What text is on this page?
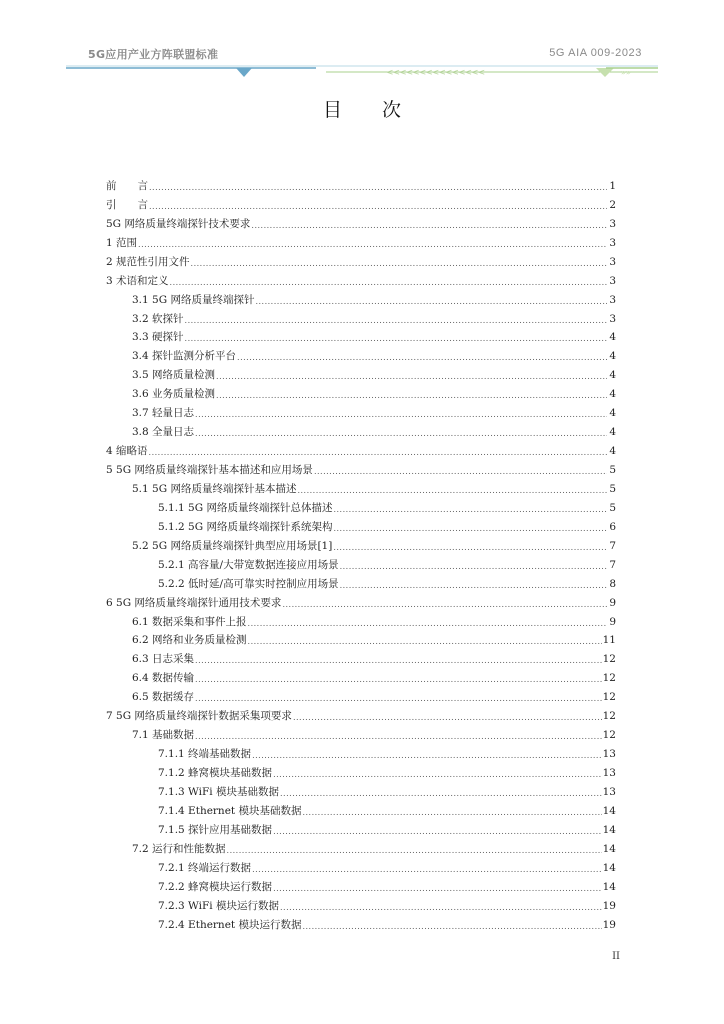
5G应用产业方阵联盟标准	5G AIA 009-2023
<<<<<<<<<<<<<<<	»»
目次
前　　言 .....	1
引　　言 .....	2
5G 网络质量终端探针技术要求 .....	3
1 范围 .....	3
2 规范性引用文件 .....	3
3 术语和定义 .....	3
3.1 5G 网络质量终端探针 .....	3
3.2 软探针 .....	3
3.3 硬探针 .....	4
3.4 探针监测分析平台 .....	4
3.5 网络质量检测 .....	4
3.6 业务质量检测 .....	4
3.7 轻量日志 .....	4
3.8 全量日志 .....	4
4 缩略语 .....	4
5 5G 网络质量终端探针基本描述和应用场景 .....	5
5.1 5G 网络质量终端探针基本描述 .....	5
5.1.1 5G 网络质量终端探针总体描述 .....	5
5.1.2 5G 网络质量终端探针系统架构 .....	6
5.2 5G 网络质量终端探针典型应用场景[1] .....	7
5.2.1 高容量/大带宽数据连接应用场景 .....	7
5.2.2 低时延/高可靠实时控制应用场景 .....	8
6 5G 网络质量终端探针通用技术要求 .....	9
6.1 数据采集和事件上报 .....	9
6.2 网络和业务质量检测 .....	11
6.3 日志采集 .....	12
6.4 数据传输 .....	12
6.5 数据缓存 .....	12
7 5G 网络质量终端探针数据采集项要求 .....	12
7.1 基础数据 .....	12
7.1.1 终端基础数据 .....	13
7.1.2 蜂窝模块基础数据 .....	13
7.1.3 WiFi 模块基础数据 .....	13
7.1.4 Ethernet 模块基础数据 .....	14
7.1.5 探针应用基础数据 .....	14
7.2 运行和性能数据 .....	14
7.2.1 终端运行数据 .....	14
7.2.2 蜂窝模块运行数据 .....	14
7.2.3 WiFi 模块运行数据 .....	19
7.2.4 Ethernet 模块运行数据 .....	19
II
